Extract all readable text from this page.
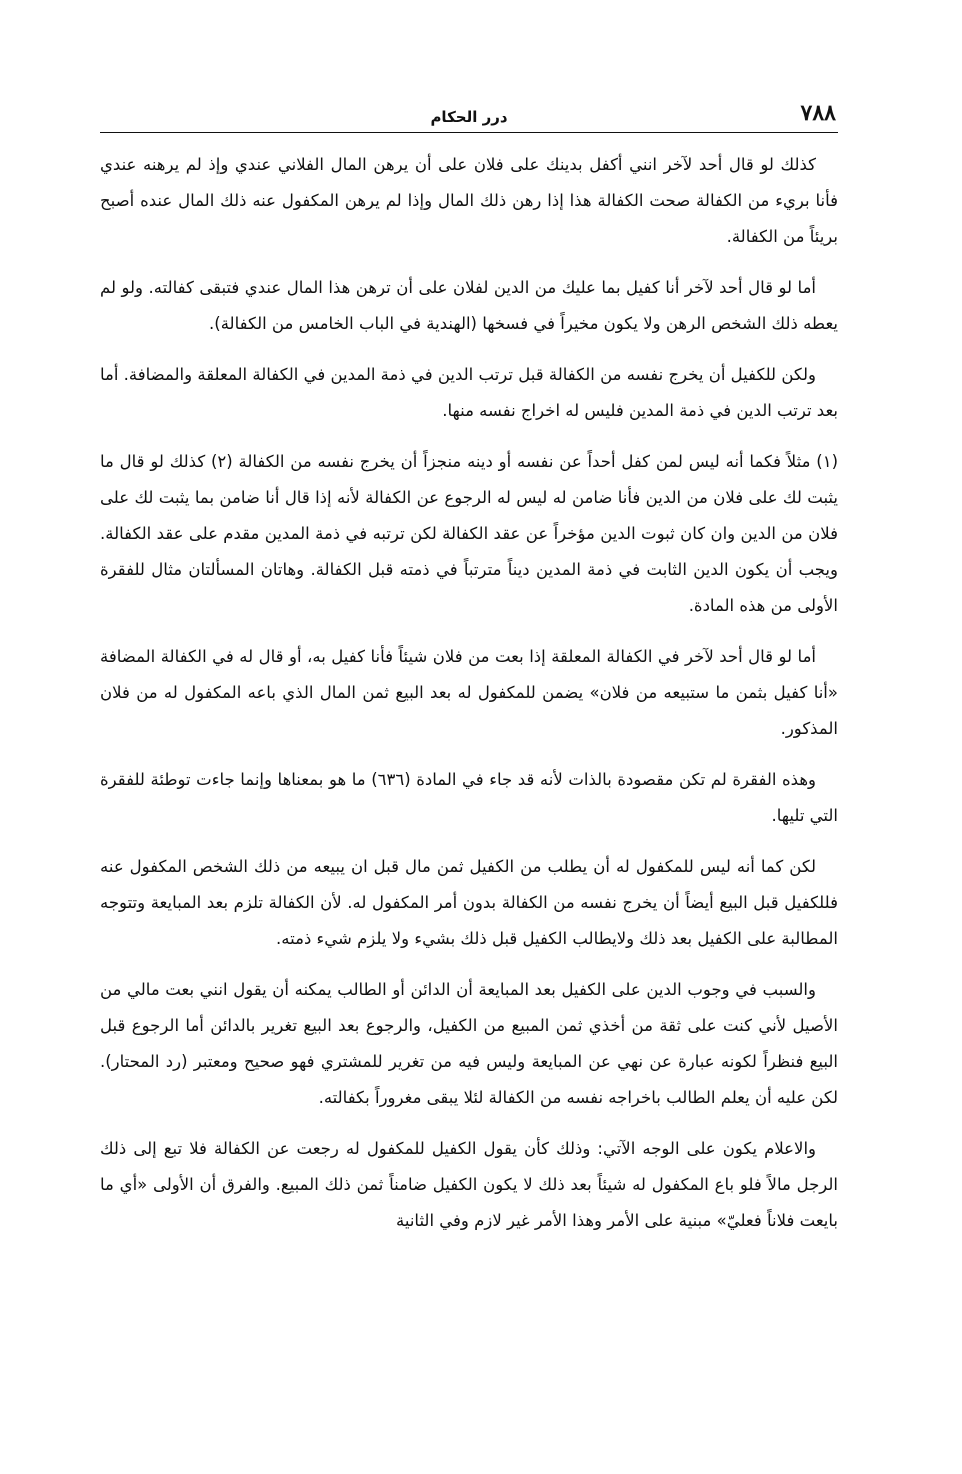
٧٨٨
درر الحكام

كذلك لو قال أحد لآخر انني أكفل بدينك على فلان على أن يرهن المال الفلاني عندي وإذ لم يرهنه عندي فأنا بريء من الكفالة صحت الكفالة هذا إذا رهن ذلك المال وإذا لم يرهن المكفول عنه ذلك المال عنده أصبح بريئاً من الكفالة.

أما لو قال أحد لآخر أنا كفيل بما عليك من الدين لفلان على أن ترهن هذا المال عندي فتبقى كفالته. ولو لم يعطه ذلك الشخص الرهن ولا يكون مخيراً في فسخها (الهندية في الباب الخامس من الكفالة).

ولكن للكفيل أن يخرج نفسه من الكفالة قبل ترتب الدين في ذمة المدين في الكفالة المعلقة والمضافة. أما بعد ترتب الدين في ذمة المدين فليس له اخراج نفسه منها.

(١) مثلاً فكما أنه ليس لمن كفل أحداً عن نفسه أو دينه منجزاً أن يخرج نفسه من الكفالة (٢) كذلك لو قال ما يثبت لك على فلان من الدين فأنا ضامن له ليس له الرجوع عن الكفالة لأنه إذا قال أنا ضامن بما يثبت لك على فلان من الدين وان كان ثبوت الدين مؤخراً عن عقد الكفالة لكن ترتبه في ذمة المدين مقدم على عقد الكفالة. ويجب أن يكون الدين الثابت في ذمة المدين ديناً مترتباً في ذمته قبل الكفالة. وهاتان المسألتان مثال للفقرة الأولى من هذه المادة.

أما لو قال أحد لآخر في الكفالة المعلقة إذا بعت من فلان شيئاً فأنا كفيل به، أو قال له في الكفالة المضافة «أنا كفيل بثمن ما ستبيعه من فلان» يضمن للمكفول له بعد البيع ثمن المال الذي باعه المكفول له من فلان المذكور.

وهذه الفقرة لم تكن مقصودة بالذات لأنه قد جاء في المادة (٦٣٦) ما هو بمعناها وإنما جاءت توطئة للفقرة التي تليها.

لكن كما أنه ليس للمكفول له أن يطلب من الكفيل ثمن مال قبل ان يبيعه من ذلك الشخص المكفول عنه فللكفيل قبل البيع أيضاً أن يخرج نفسه من الكفالة بدون أمر المكفول له. لأن الكفالة تلزم بعد المبايعة وتتوجه المطالبة على الكفيل بعد ذلك ولايطالب الكفيل قبل ذلك بشيء ولا يلزم شيء ذمته.

والسبب في وجوب الدين على الكفيل بعد المبايعة أن الدائن أو الطالب يمكنه أن يقول انني بعت مالي من الأصيل لأني كنت على ثقة من أخذي ثمن المبيع من الكفيل، والرجوع بعد البيع تغرير بالدائن أما الرجوع قبل البيع فنظراً لكونه عبارة عن نهي عن المبايعة وليس فيه من تغرير للمشتري فهو صحيح ومعتبر (رد المحتار). لكن عليه أن يعلم الطالب باخراجه نفسه من الكفالة لئلا يبقى مغروراً بكفالته.

والاعلام يكون على الوجه الآتي: وذلك كأن يقول الكفيل للمكفول له رجعت عن الكفالة فلا تبع إلى ذلك الرجل مالاً فلو باع المكفول له شيئاً بعد ذلك لا يكون الكفيل ضامناً ثمن ذلك المبيع. والفرق أن الأولى «أي ما بايعت فلاناً فعليّ» مبنية على الأمر وهذا الأمر غير لازم وفي الثانية
